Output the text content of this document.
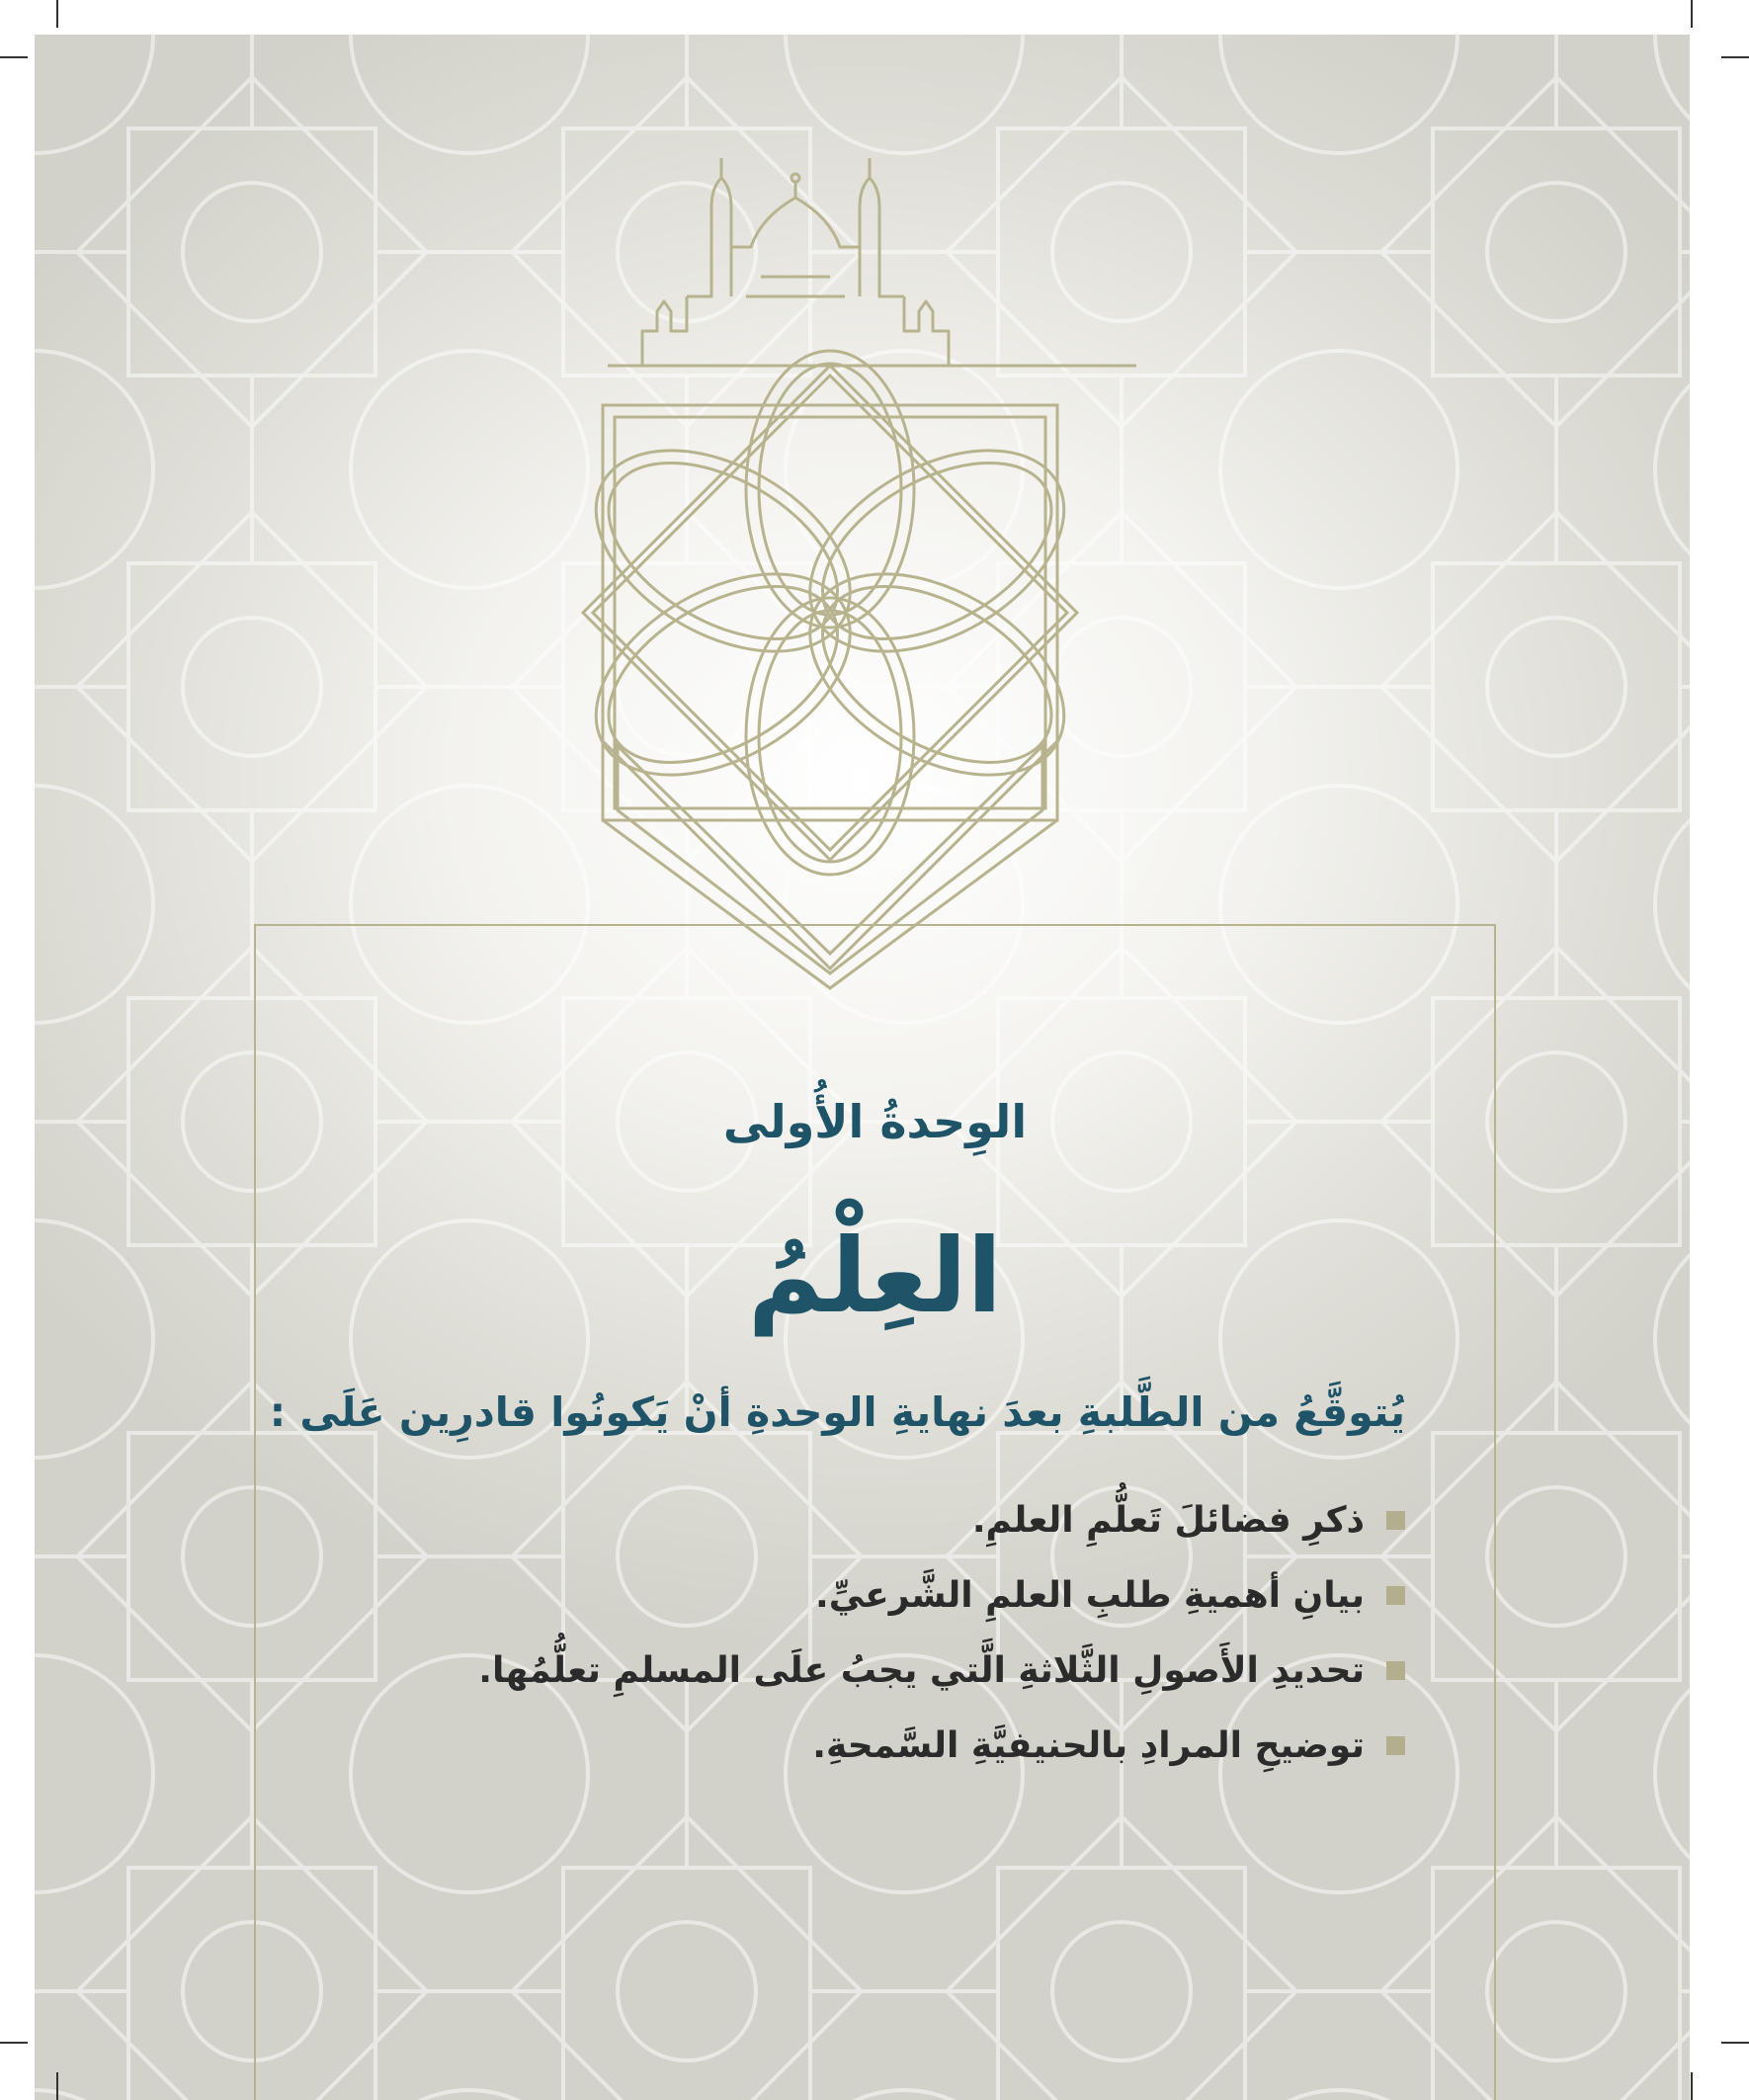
الوِحدةُ الأُولى
العِلْمُ
يُتوقَّعُ من الطَّلبةِ بعدَ نهايةِ الوحدةِ أنْ يَكونُوا قادرِين عَلَى :
ذكرِ فضائلَ تَعلُّمِ العلمِ.
بيانِ أهميةِ طلبِ العلمِ الشَّرعيِّ.
تحديدِ الأَصولِ الثَّلاثةِ الَّتي يجبُ علَى المسلمِ تعلُّمُها.
توضيحِ المرادِ بالحنيفيَّةِ السَّمحةِ.
